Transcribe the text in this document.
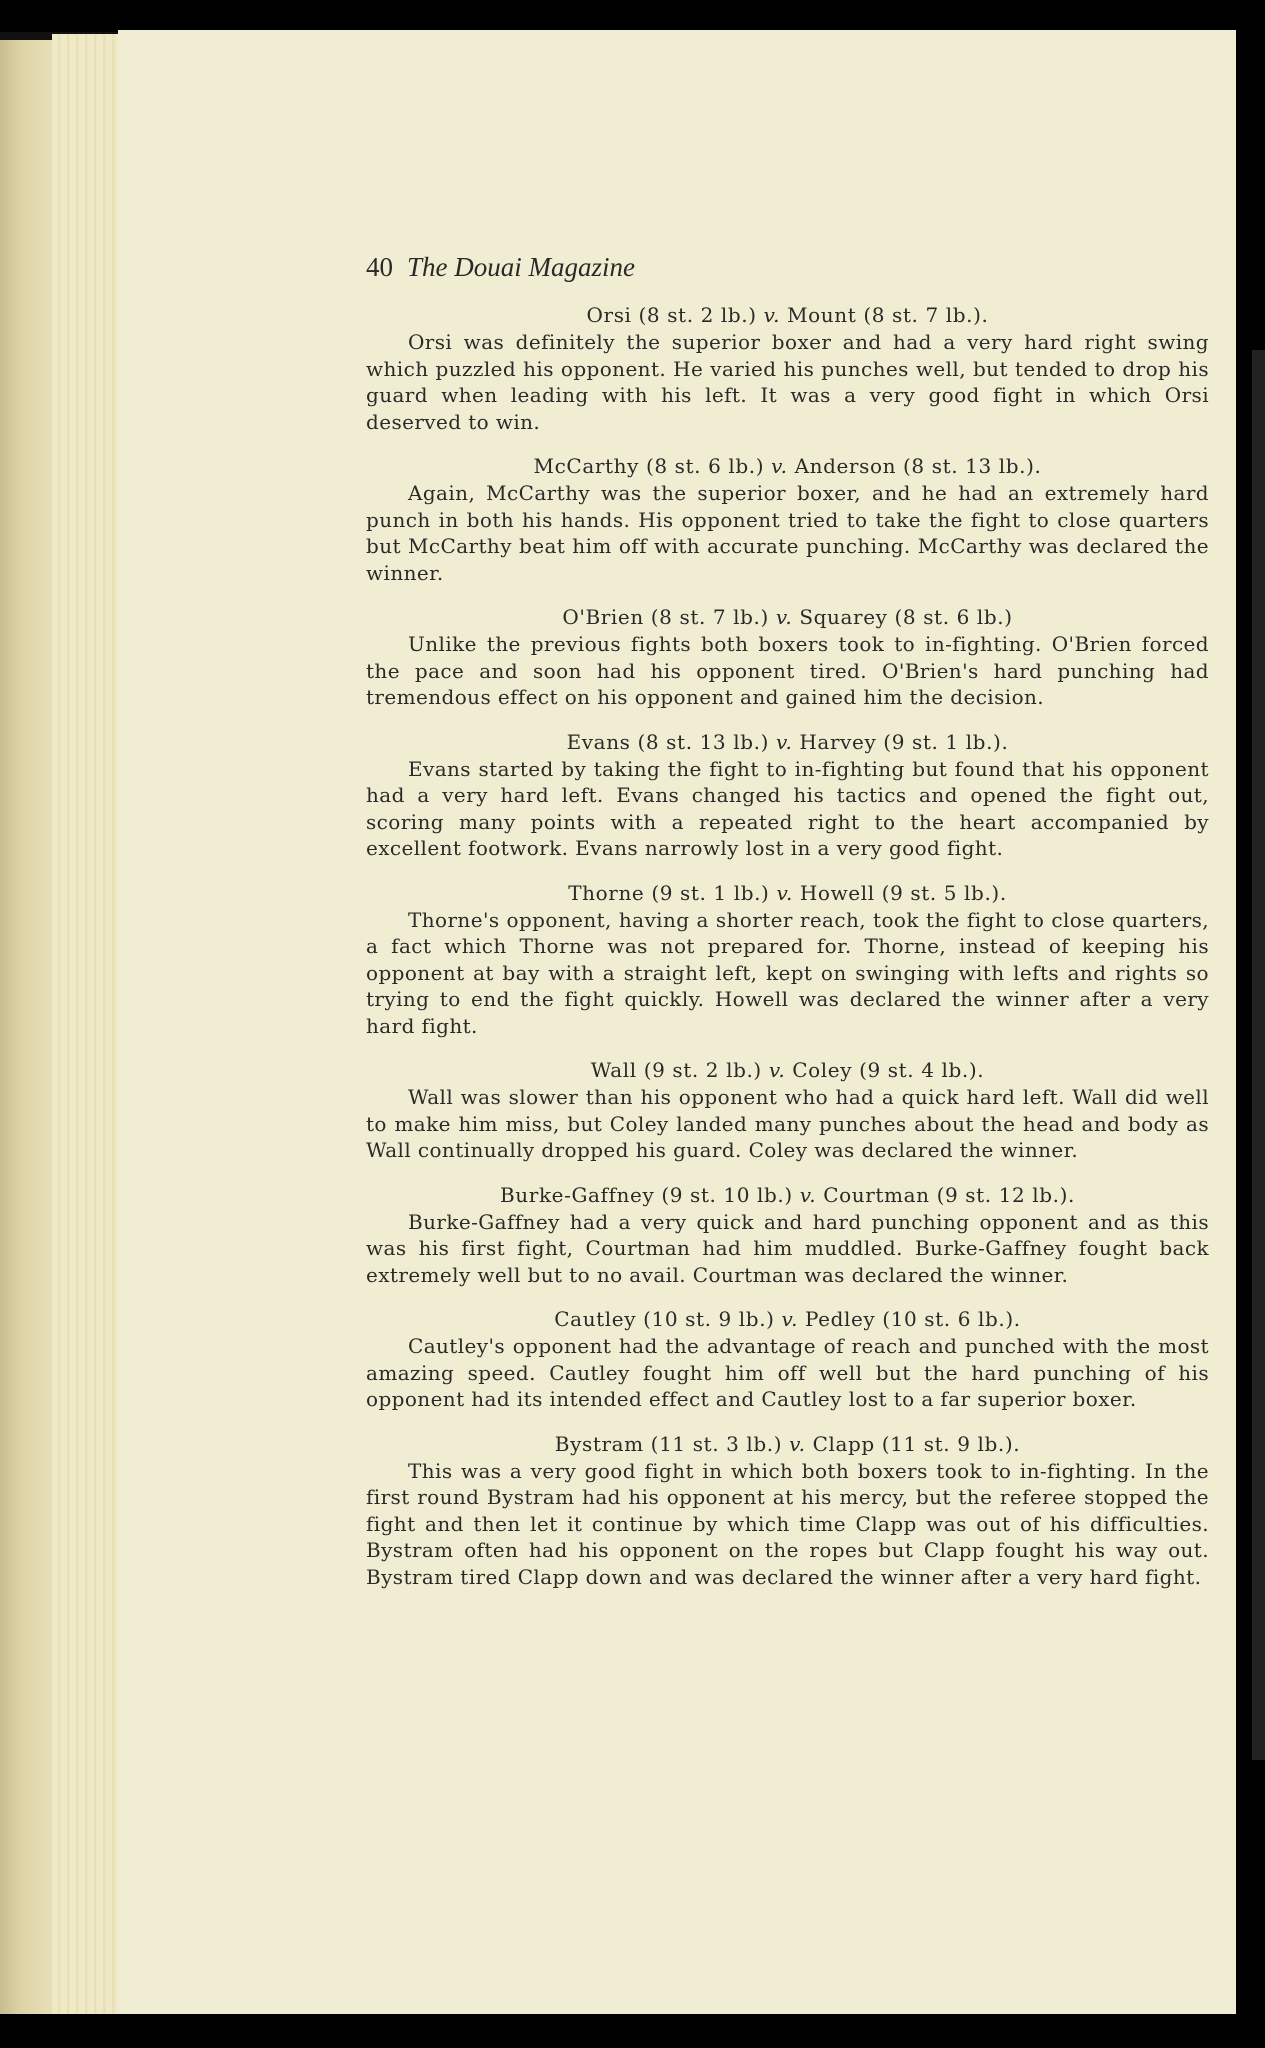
40 The Douai Magazine
Orsi (8 st. 2 lb.) v. Mount (8 st. 7 lb.).

Orsi was definitely the superior boxer and had a very hard right swing which puzzled his opponent. He varied his punches well, but tended to drop his guard when leading with his left. It was a very good fight in which Orsi deserved to win.

McCarthy (8 st. 6 lb.) v. Anderson (8 st. 13 lb.).

Again, McCarthy was the superior boxer, and he had an extremely hard punch in both his hands. His opponent tried to take the fight to close quarters but McCarthy beat him off with accurate punching. McCarthy was declared the winner.

O'Brien (8 st. 7 lb.) v. Squarey (8 st. 6 lb.)

Unlike the previous fights both boxers took to in-fighting. O'Brien forced the pace and soon had his opponent tired. O'Brien's hard punching had tremendous effect on his opponent and gained him the decision.

Evans (8 st. 13 lb.) v. Harvey (9 st. 1 lb.).

Evans started by taking the fight to in-fighting but found that his opponent had a very hard left. Evans changed his tactics and opened the fight out, scoring many points with a repeated right to the heart accompanied by excellent footwork. Evans narrowly lost in a very good fight.

Thorne (9 st. 1 lb.) v. Howell (9 st. 5 lb.).

Thorne's opponent, having a shorter reach, took the fight to close quarters, a fact which Thorne was not prepared for. Thorne, instead of keeping his opponent at bay with a straight left, kept on swinging with lefts and rights so trying to end the fight quickly. Howell was declared the winner after a very hard fight.

Wall (9 st. 2 lb.) v. Coley (9 st. 4 lb.).

Wall was slower than his opponent who had a quick hard left. Wall did well to make him miss, but Coley landed many punches about the head and body as Wall continually dropped his guard. Coley was declared the winner.

Burke-Gaffney (9 st. 10 lb.) v. Courtman (9 st. 12 lb.).

Burke-Gaffney had a very quick and hard punching opponent and as this was his first fight, Courtman had him muddled. Burke-Gaffney fought back extremely well but to no avail. Courtman was declared the winner.

Cautley (10 st. 9 lb.) v. Pedley (10 st. 6 lb.).

Cautley's opponent had the advantage of reach and punched with the most amazing speed. Cautley fought him off well but the hard punching of his opponent had its intended effect and Cautley lost to a far superior boxer.

Bystram (11 st. 3 lb.) v. Clapp (11 st. 9 lb.).

This was a very good fight in which both boxers took to in-fighting. In the first round Bystram had his opponent at his mercy, but the referee stopped the fight and then let it continue by which time Clapp was out of his difficulties. Bystram often had his opponent on the ropes but Clapp fought his way out. Bystram tired Clapp down and was declared the winner after a very hard fight.
